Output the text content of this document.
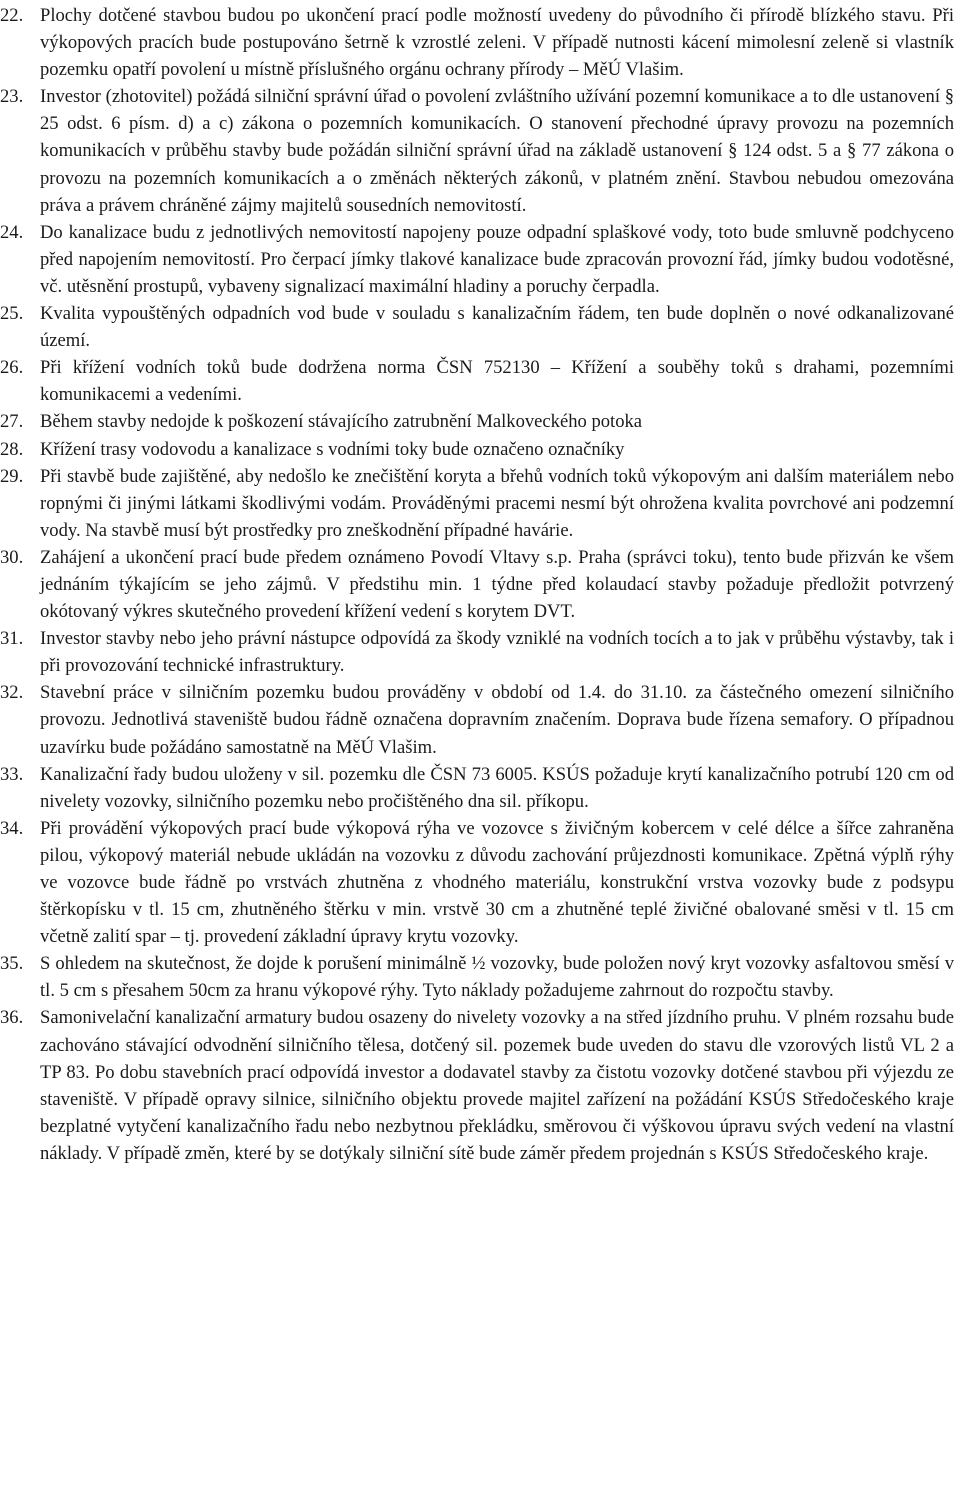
22. Plochy dotčené stavbou budou po ukončení prací podle možností uvedeny do původního či přírodě blízkého stavu. Při výkopových pracích bude postupováno šetrně k vzrostlé zeleni. V případě nutnosti kácení mimolesní zeleně si vlastník pozemku opatří povolení u místně příslušného orgánu ochrany přírody – MěÚ Vlašim.
23. Investor (zhotovitel) požádá silniční správní úřad o povolení zvláštního užívání pozemní komunikace a to dle ustanovení § 25 odst. 6 písm. d) a c) zákona o pozemních komunikacích. O stanovení přechodné úpravy provozu na pozemních komunikacích v průběhu stavby bude požádán silniční správní úřad na základě ustanovení § 124 odst. 5 a § 77 zákona o provozu na pozemních komunikacích a o změnách některých zákonů, v platném znění. Stavbou nebudou omezována práva a právem chráněné zájmy majitelů sousedních nemovitostí.
24. Do kanalizace budu z jednotlivých nemovitostí napojeny pouze odpadní splaškové vody, toto bude smluvně podchyceno před napojením nemovitostí. Pro čerpací jímky tlakové kanalizace bude zpracován provozní řád, jímky budou vodotěsné, vč. utěsnění prostupů, vybaveny signalizací maximální hladiny a poruchy čerpadla.
25. Kvalita vypouštěných odpadních vod bude v souladu s kanalizačním řádem, ten bude doplněn o nové odkanalizované území.
26. Při křížení vodních toků bude dodržena norma ČSN 752130 – Křížení a souběhy toků s drahami, pozemními komunikacemi a vedeními.
27. Během stavby nedojde k poškození stávajícího zatrubnění Malkoveckého potoka
28. Křížení trasy vodovodu a kanalizace s vodními toky bude označeno označníky
29. Při stavbě bude zajištěné, aby nedošlo ke znečištění koryta a břehů vodních toků výkopovým ani dalším materiálem nebo ropnými či jinými látkami škodlivými vodám. Prováděnými pracemi nesmí být ohrožena kvalita povrchové ani podzemní vody. Na stavbě musí být prostředky pro zneškodnění případné havárie.
30. Zahájení a ukončení prací bude předem oznámeno Povodí Vltavy s.p. Praha (správci toku), tento bude přizván ke všem jednáním týkajícím se jeho zájmů. V předstihu min. 1 týdne před kolaudací stavby požaduje předložit potvrzený okótovaný výkres skutečného provedení křížení vedení s korytem DVT.
31. Investor stavby nebo jeho právní nástupce odpovídá za škody vzniklé na vodních tocích a to jak v průběhu výstavby, tak i při provozování technické infrastruktury.
32. Stavební práce v silničním pozemku budou prováděny v období od 1.4. do 31.10. za částečného omezení silničního provozu. Jednotlivá staveniště budou řádně označena dopravním značením. Doprava bude řízena semafory. O případnou uzavírku bude požádáno samostatně na MěÚ Vlašim.
33. Kanalizační řady budou uloženy v sil. pozemku dle ČSN 73 6005. KSÚS požaduje krytí kanalizačního potrubí 120 cm od nivelety vozovky, silničního pozemku nebo pročištěného dna sil. příkopu.
34. Při provádění výkopových prací bude výkopová rýha ve vozovce s živičným kobercem v celé délce a šířce zahraněna pilou, výkopový materiál nebude ukládán na vozovku z důvodu zachování průjezdnosti komunikace. Zpětná výplň rýhy ve vozovce bude řádně po vrstvách zhutněna z vhodného materiálu, konstrukční vrstva vozovky bude z podsypu štěrkopísku v tl. 15 cm, zhutněného štěrku v min. vrstvě 30 cm a zhutněné teplé živičné obalované směsi v tl. 15 cm včetně zalití spar – tj. provedení základní úpravy krytu vozovky.
35. S ohledem na skutečnost, že dojde k porušení minimálně ½ vozovky, bude položen nový kryt vozovky asfaltovou směsí v tl. 5 cm s přesahem 50cm za hranu výkopové rýhy. Tyto náklady požadujeme zahrnout do rozpočtu stavby.
36. Samonivelační kanalizační armatury budou osazeny do nivelety vozovky a na střed jízdního pruhu. V plném rozsahu bude zachováno stávající odvodnění silničního tělesa, dotčený sil. pozemek bude uveden do stavu dle vzorových listů VL 2 a TP 83. Po dobu stavebních prací odpovídá investor a dodavatel stavby za čistotu vozovky dotčené stavbou při výjezdu ze staveniště. V případě opravy silnice, silničního objektu provede majitel zařízení na požádání KSÚS Středočeského kraje bezplatné vytyčení kanalizačního řadu nebo nezbytnou překládku, směrovou či výškovou úpravu svých vedení na vlastní náklady. V případě změn, které by se dotýkaly silniční sítě bude záměr předem projednán s KSÚS Středočeského kraje.
